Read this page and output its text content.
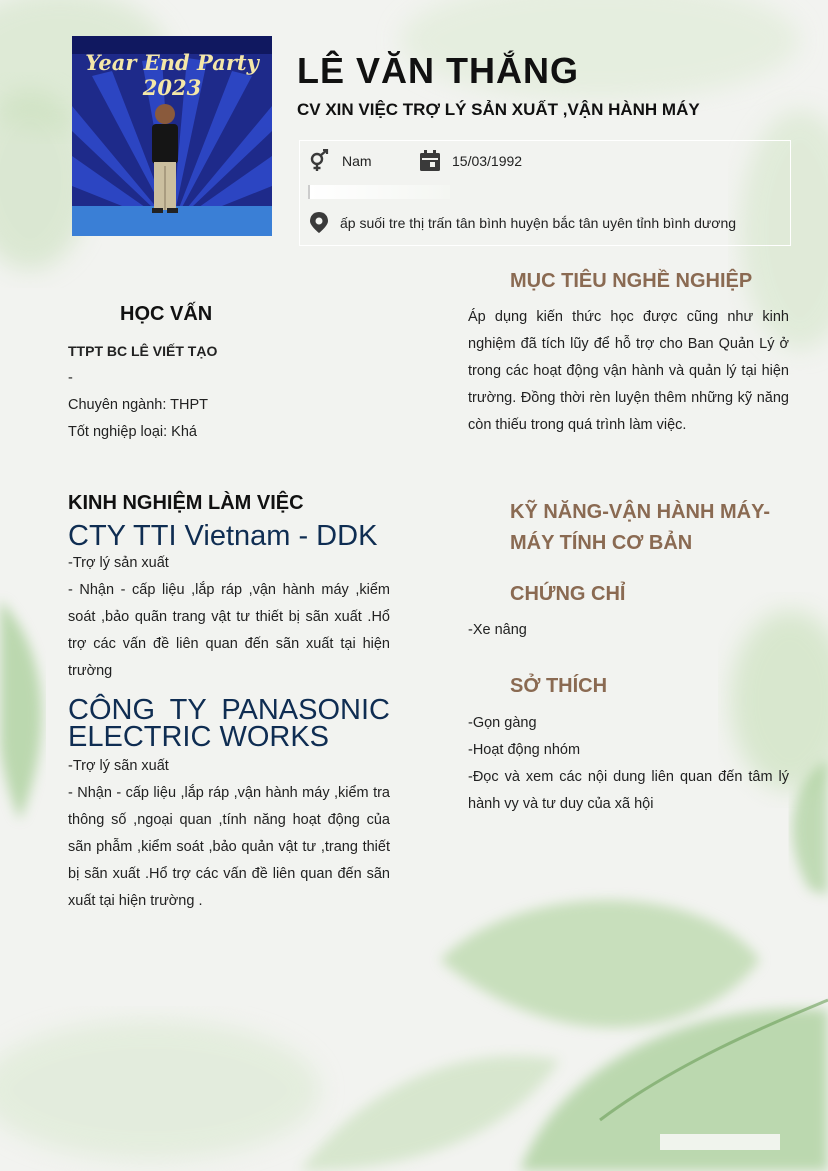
Year End Party 2023	LÊ VĂN THẮNG
CV XIN VIỆC TRỢ LÝ SẢN XUẤT ,VẬN HÀNH MÁY
Nam	15/03/1992
ấp suối tre thị trấn tân bình huyện bắc tân uyên tỉnh bình dương
HỌC VẤN

TTPT BC LÊ VIẾT TẠO

-

Chuyên ngành: THPT

Tốt nghiệp loại: Khá

MỤC TIÊU NGHỀ NGHIỆP

Áp dụng kiến thức học được cũng như kinh nghiệm đã tích lũy để hỗ trợ cho Ban Quản Lý ở trong các hoạt động vận hành và quản lý tại hiện trường. Đồng thời rèn luyện thêm những kỹ năng còn thiếu trong quá trình làm việc.

KINH NGHIỆM LÀM VIỆC

CTY TTI Vietnam - DDK

-Trợ lý sản xuất

- Nhận - cấp liệu ,lắp ráp ,vận hành máy ,kiểm soát ,bảo quãn trang vật tư thiết bị sãn xuất .Hổ trợ các vấn đề liên quan đến sãn xuất tại hiện trường

CÔNG TY PANASONIC ELECTRIC WORKS

-Trợ lý sãn xuất

- Nhận - cấp liệu ,lắp ráp ,vận hành máy ,kiểm tra thông số ,ngoại quan ,tính năng hoạt động của sãn phẫm ,kiểm soát ,bảo quản vật tư ,trang thiết bị sãn xuất .Hổ trợ các vấn đề liên quan đến sãn xuất tại hiện trường .

KỸ NĂNG-VẬN HÀNH MÁY- MÁY TÍNH CƠ BẢN
CHỨNG CHỈ

-Xe nâng

SỞ THÍCH

-Gọn gàng

-Hoạt động nhóm

-Đọc và xem các nội dung liên quan đến tâm lý hành vy và tư duy của xã hội
